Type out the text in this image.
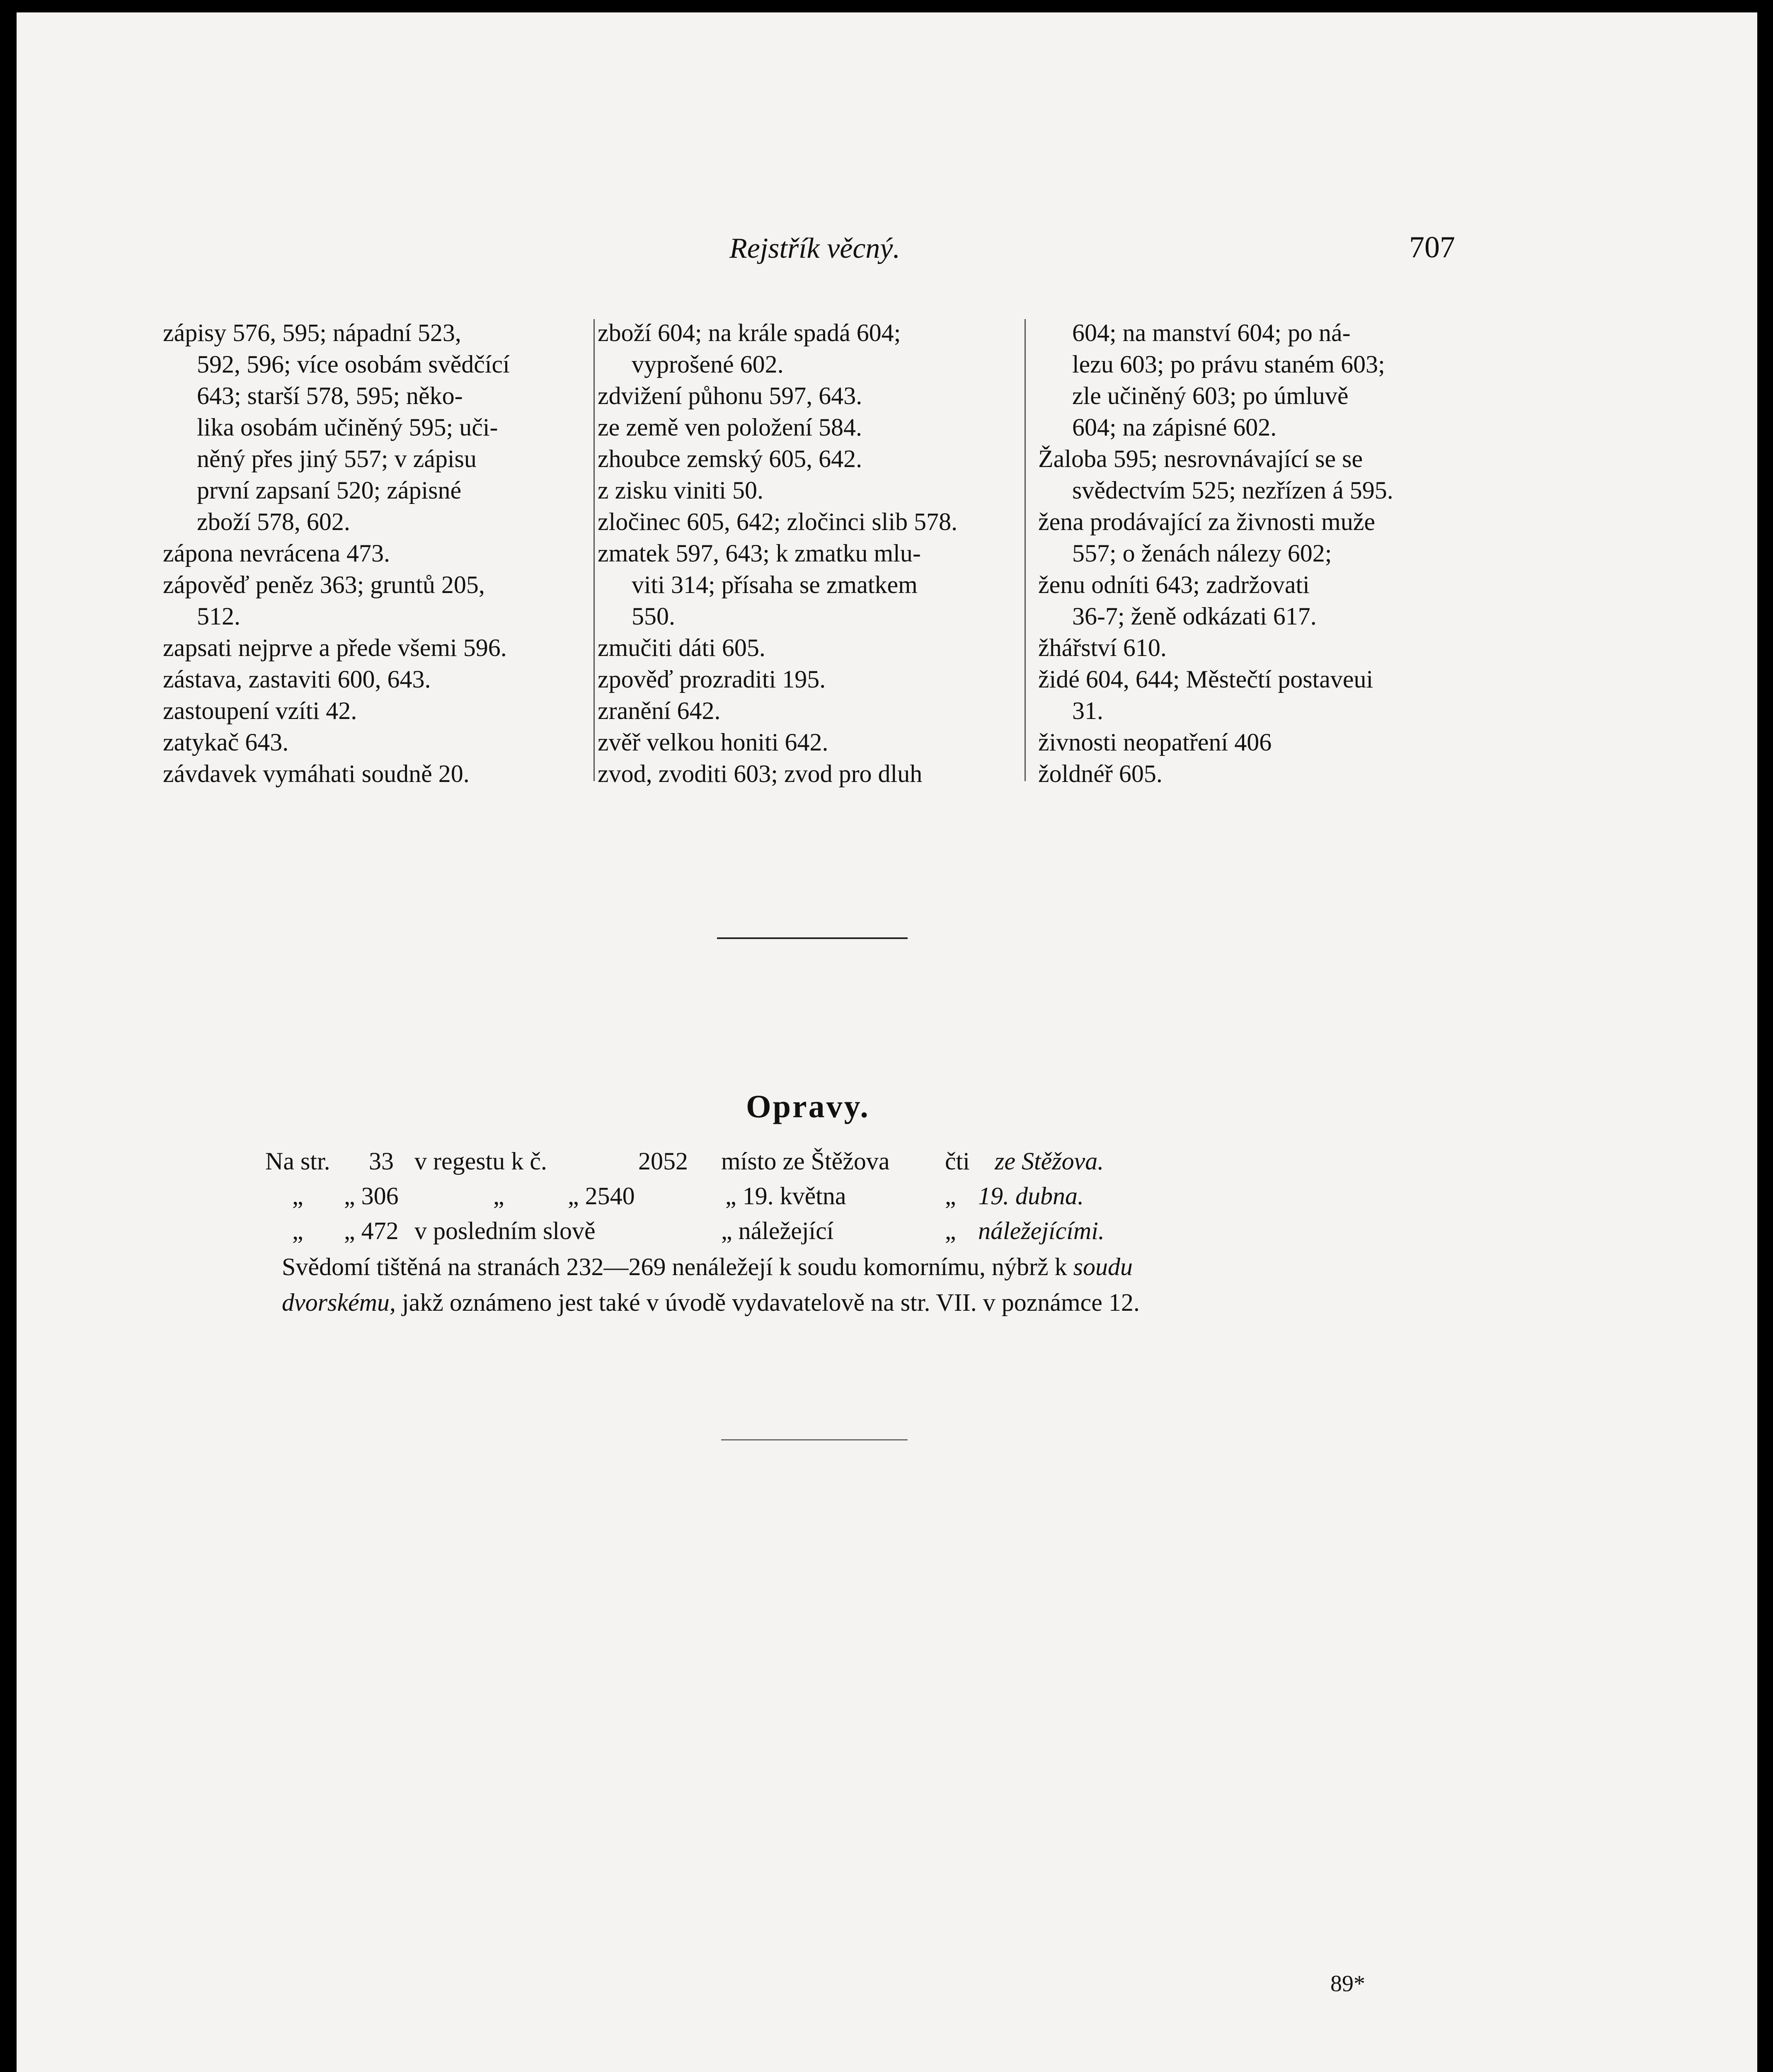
Rejstřík věcný.	707
zápisy 576, 595; nápadní 523,
592, 596; více osobám svědčící
643; starší 578, 595; něko-
lika osobám učiněný 595; uči-
něný přes jiný 557; v zápisu
první zapsaní 520; zápisné
zboží 578, 602.
zápona nevrácena 473.
zápověď peněz 363; gruntů 205,
512.
zapsati nejprve a přede všemi 596.
zástava, zastaviti 600, 643.
zastoupení vzíti 42.
zatykač 643.
závdavek vymáhati soudně 20.
zboží 604; na krále spadá 604;
vyprošené 602.
zdvižení půhonu 597, 643.
ze země ven položení 584.
zhoubce zemský 605, 642.
z zisku viniti 50.
zločinec 605, 642; zločinci slib 578.
zmatek 597, 643; k zmatku mlu-
viti 314; přísaha se zmatkem
550.
zmučiti dáti 605.
zpověď prozraditi 195.
zranění 642.
zvěř velkou honiti 642.
zvod, zvoditi 603; zvod pro dluh
604; na manství 604; po ná-
lezu 603; po právu staném 603;
zle učiněný 603; po úmluvě
604; na zápisné 602.
Žaloba 595; nesrovnávající se se
svědectvím 525; nezřízen á 595.
žena prodávající za živnosti muže
557; o ženách nálezy 602;
ženu odníti 643; zadržovati
36-7; ženě odkázati 617.
žhářství 610.
židé 604, 644; Městečtí postaveui
31.
živnosti neopatření 406
žoldnéř 605.
Opravy.
Na str. 33 v regestu k č.	2052 místo ze Štěžova čti ze Stěžova.
„ „ 306	„	„ 2540	„ 19. května	„ 19. dubna.
„ „ 472 v posledním slově	„ náležející	„ náležejícími.
Svědomí tištěná na stranách 232—269 nenáležejí k soudu komornímu, nýbrž k soudu
dvorskému, jakž oznámeno jest také v úvodě vydavatelově na str. VII. v poznámce 12.
89*
